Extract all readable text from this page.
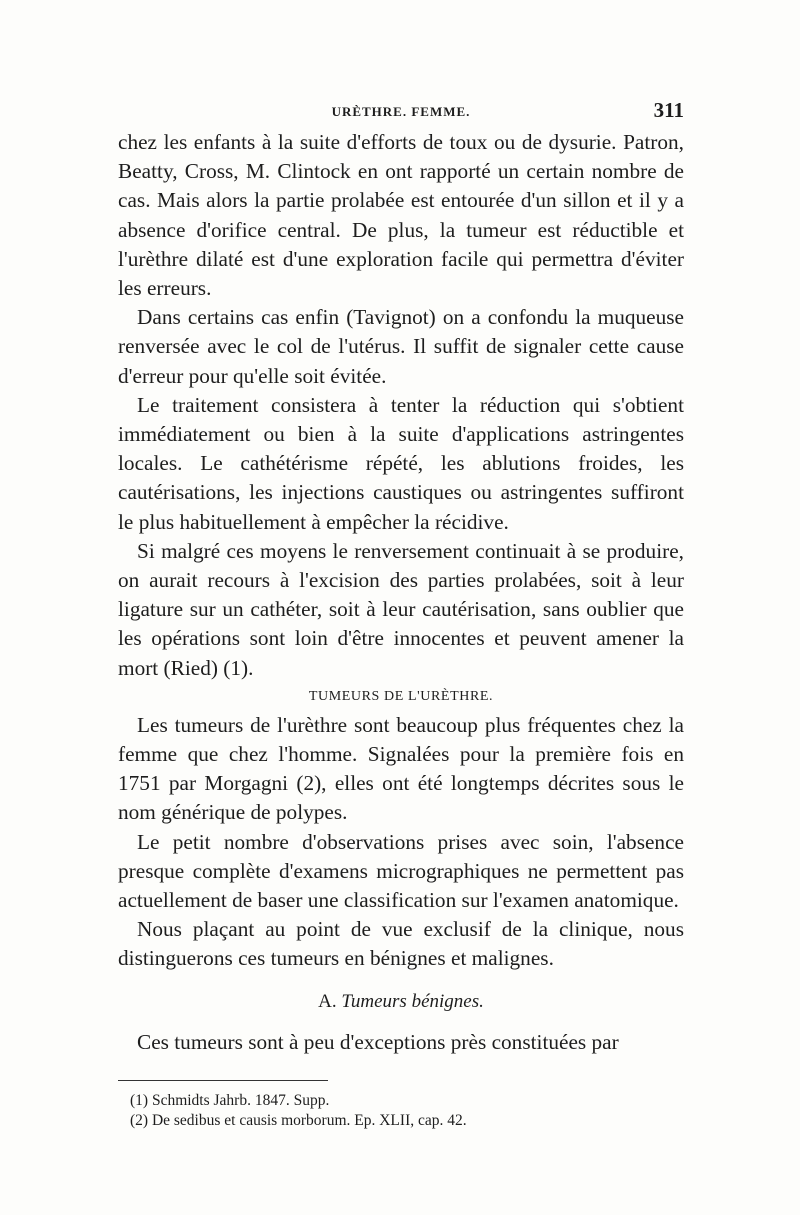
URÈTHRE. FEMME.	311

chez les enfants à la suite d'efforts de toux ou de dysurie. Patron, Beatty, Cross, M. Clintock en ont rapporté un certain nombre de cas. Mais alors la partie prolabée est entourée d'un sillon et il y a absence d'orifice central. De plus, la tumeur est réductible et l'urèthre dilaté est d'une exploration facile qui permettra d'éviter les erreurs.

Dans certains cas enfin (Tavignot) on a confondu la muqueuse renversée avec le col de l'utérus. Il suffit de signaler cette cause d'erreur pour qu'elle soit évitée.

Le traitement consistera à tenter la réduction qui s'obtient immédiatement ou bien à la suite d'applications astringentes locales. Le cathétérisme répété, les ablutions froides, les cautérisations, les injections caustiques ou astringentes suffiront le plus habituellement à empêcher la récidive.

Si malgré ces moyens le renversement continuait à se produire, on aurait recours à l'excision des parties prolabées, soit à leur ligature sur un cathéter, soit à leur cautérisation, sans oublier que les opérations sont loin d'être innocentes et peuvent amener la mort (Ried) (1).

TUMEURS DE L'URÈTHRE.

Les tumeurs de l'urèthre sont beaucoup plus fréquentes chez la femme que chez l'homme. Signalées pour la première fois en 1751 par Morgagni (2), elles ont été longtemps décrites sous le nom générique de polypes.

Le petit nombre d'observations prises avec soin, l'absence presque complète d'examens micrographiques ne permettent pas actuellement de baser une classification sur l'examen anatomique.

Nous plaçant au point de vue exclusif de la clinique, nous distinguerons ces tumeurs en bénignes et malignes.

A. Tumeurs bénignes.

Ces tumeurs sont à peu d'exceptions près constituées par

(1) Schmidts Jahrb. 1847. Supp.

(2) De sedibus et causis morborum. Ep. XLII, cap. 42.
